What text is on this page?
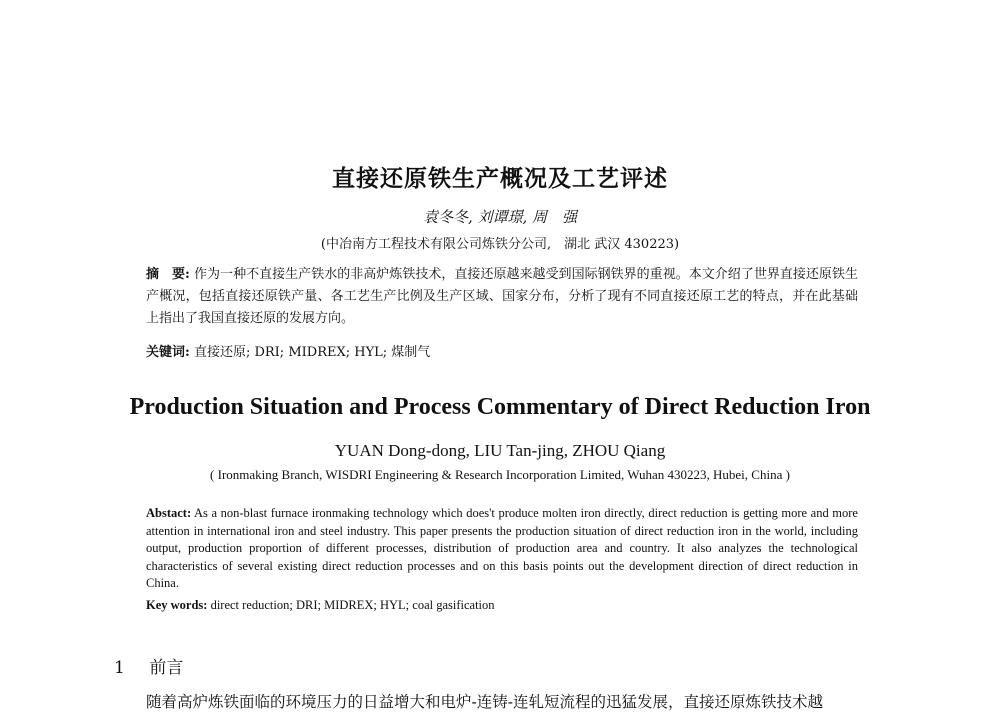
直接还原铁生产概况及工艺评述
袁冬冬, 刘谭璟, 周　强
(中冶南方工程技术有限公司炼铁分公司,　湖北 武汉 430223)
摘　要: 作为一种不直接生产铁水的非高炉炼铁技术，直接还原越来越受到国际钢铁界的重视。本文介绍了世界直接还原铁生产概况，包括直接还原铁产量、各工艺生产比例及生产区域、国家分布，分析了现有不同直接还原工艺的特点，并在此基础上指出了我国直接还原的发展方向。
关键词: 直接还原; DRI; MIDREX; HYL; 煤制气
Production Situation and Process Commentary of Direct Reduction Iron
YUAN Dong-dong, LIU Tan-jing, ZHOU Qiang
( Ironmaking Branch, WISDRI Engineering & Research Incorporation Limited, Wuhan 430223, Hubei, China )
Abstact: As a non-blast furnace ironmaking technology which does't produce molten iron directly, direct reduction is getting more and more attention in international iron and steel industry. This paper presents the production situation of direct reduction iron in the world, including output, production proportion of different processes, distribution of production area and country. It also analyzes the technological characteristics of several existing direct reduction processes and on this basis points out the development direction of direct reduction in China.
Key words: direct reduction; DRI; MIDREX; HYL; coal gasification
1 前言
随着高炉炼铁面临的环境压力的日益增大和电炉-连铸-连轧短流程的迅猛发展，直接还原炼铁技术越
